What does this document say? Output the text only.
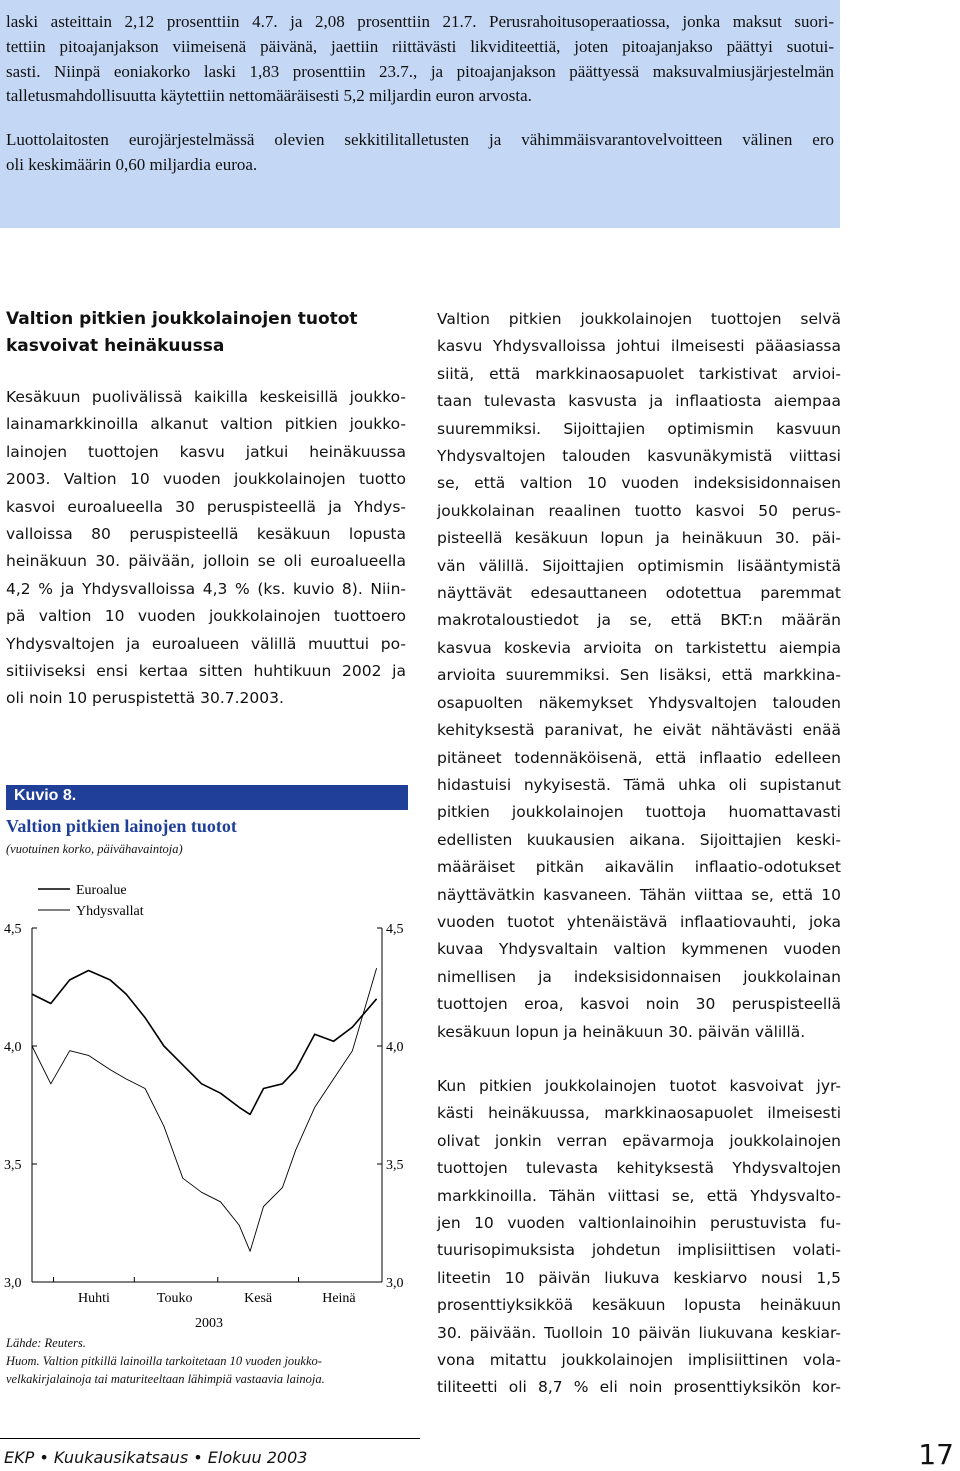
laski asteittain 2,12 prosenttiin 4.7. ja 2,08 prosenttiin 21.7. Perusrahoitusoperaatiossa, jonka maksut suori-

tettiin pitoajanjakson viimeisenä päivänä, jaettiin riittävästi likviditeettiä, joten pitoajanjakso päättyi suotui-

sasti. Niinpä eoniakorko laski 1,83 prosenttiin 23.7., ja pitoajanjakson päättyessä maksuvalmiusjärjestelmän

talletusmahdollisuutta käytettiin nettomääräisesti 5,2 miljardin euron arvosta.

Luottolaitosten eurojärjestelmässä olevien sekkitilitalletusten ja vähimmäisvarantovelvoitteen välinen ero

oli keskimäärin 0,60 miljardia euroa.

Valtion pitkien joukkolainojen tuotot
kasvoivat heinäkuussa
Kesäkuun puolivälissä kaikilla keskeisillä joukko-
lainamarkkinoilla alkanut valtion pitkien joukko-
lainojen tuottojen kasvu jatkui heinäkuussa
2003. Valtion 10 vuoden joukkolainojen tuotto
kasvoi euroalueella 30 peruspisteellä ja Yhdys-
valloissa 80 peruspisteellä kesäkuun lopusta
heinäkuun 30. päivään, jolloin se oli euroalueella
4,2 % ja Yhdysvalloissa 4,3 % (ks. kuvio 8). Niin-
pä valtion 10 vuoden joukkolainojen tuottoero
Yhdysvaltojen ja euroalueen välillä muuttui po-
sitiiviseksi ensi kertaa sitten huhtikuun 2002 ja
oli noin 10 peruspistettä 30.7.2003.
Kuvio 8.
Valtion pitkien lainojen tuotot
(vuotuinen korko, päivähavaintoja)
4,5	4,5
4,0	4,0
3,5	3,5
3,0	3,0
Huhti	Touko	Kesä	Heinä
2003
Euroalue
Yhdysvallat
Lähde: Reuters.
Huom. Valtion pitkillä lainoilla tarkoitetaan 10 vuoden joukko-
velkakirjalainoja tai maturiteeltaan lähimpiä vastaavia lainoja.
Valtion pitkien joukkolainojen tuottojen selvä
kasvu Yhdysvalloissa johtui ilmeisesti pääasiassa
siitä, että markkinaosapuolet tarkistivat arvioi-
taan tulevasta kasvusta ja inflaatiosta aiempaa
suuremmiksi. Sijoittajien optimismin kasvuun
Yhdysvaltojen talouden kasvunäkymistä viittasi
se, että valtion 10 vuoden indeksisidonnaisen
joukkolainan reaalinen tuotto kasvoi 50 perus-
pisteellä kesäkuun lopun ja heinäkuun 30. päi-
vän välillä. Sijoittajien optimismin lisääntymistä
näyttävät edesauttaneen odotettua paremmat
makrotaloustiedot ja se, että BKT:n määrän
kasvua koskevia arvioita on tarkistettu aiempia
arvioita suuremmiksi. Sen lisäksi, että markkina-
osapuolten näkemykset Yhdysvaltojen talouden
kehityksestä paranivat, he eivät nähtävästi enää
pitäneet todennäköisenä, että inflaatio edelleen
hidastuisi nykyisestä. Tämä uhka oli supistanut
pitkien joukkolainojen tuottoja huomattavasti
edellisten kuukausien aikana. Sijoittajien keski-
määräiset pitkän aikavälin inflaatio-odotukset
näyttävätkin kasvaneen. Tähän viittaa se, että 10
vuoden tuotot yhtenäistävä inflaatiovauhti, joka
kuvaa Yhdysvaltain valtion kymmenen vuoden
nimellisen ja indeksisidonnaisen joukkolainan
tuottojen eroa, kasvoi noin 30 peruspisteellä
kesäkuun lopun ja heinäkuun 30. päivän välillä.
Kun pitkien joukkolainojen tuotot kasvoivat jyr-
kästi heinäkuussa, markkinaosapuolet ilmeisesti
olivat jonkin verran epävarmoja joukkolainojen
tuottojen tulevasta kehityksestä Yhdysvaltojen
markkinoilla. Tähän viittasi se, että Yhdysvalto-
jen 10 vuoden valtionlainoihin perustuvista fu-
tuurisopimuksista johdetun implisiittisen volati-
liteetin 10 päivän liukuva keskiarvo nousi 1,5
prosenttiyksikköä kesäkuun lopusta heinäkuun
30. päivään. Tuolloin 10 päivän liukuvana keskiar-
vona mitattu joukkolainojen implisiittinen vola-
tiliteetti oli 8,7 % eli noin prosenttiyksikön kor-
EKP • Kuukausikatsaus • Elokuu 2003	17
